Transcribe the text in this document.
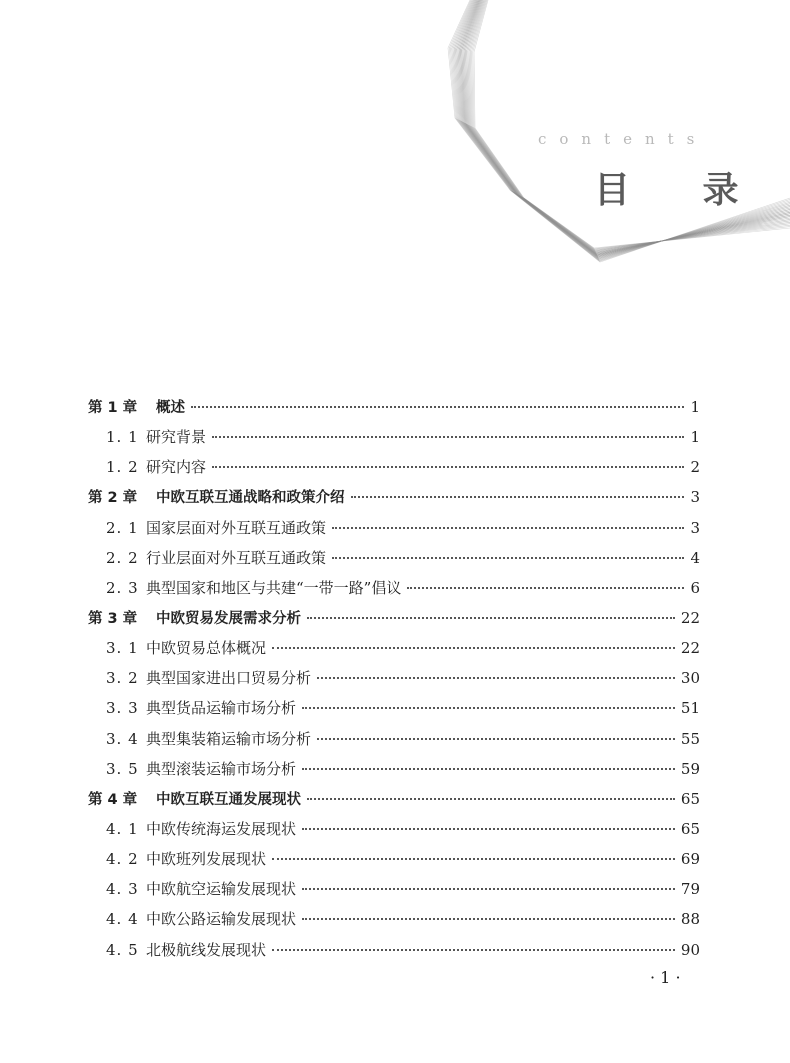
contents
目 录
第 1 章	概述	1
1. 1 研究背景	1
1. 2 研究内容	2
第 2 章	中欧互联互通战略和政策介绍	3
2. 1 国家层面对外互联互通政策	3
2. 2 行业层面对外互联互通政策	4
2. 3 典型国家和地区与共建“一带一路”倡议	6
第 3 章	中欧贸易发展需求分析	22
3. 1 中欧贸易总体概况	22
3. 2 典型国家进出口贸易分析	30
3. 3 典型货品运输市场分析	51
3. 4 典型集装箱运输市场分析	55
3. 5 典型滚装运输市场分析	59
第 4 章	中欧互联互通发展现状	65
4. 1 中欧传统海运发展现状	65
4. 2 中欧班列发展现状	69
4. 3 中欧航空运输发展现状	79
4. 4 中欧公路运输发展现状	88
4. 5 北极航线发展现状	90
· 1 ·
